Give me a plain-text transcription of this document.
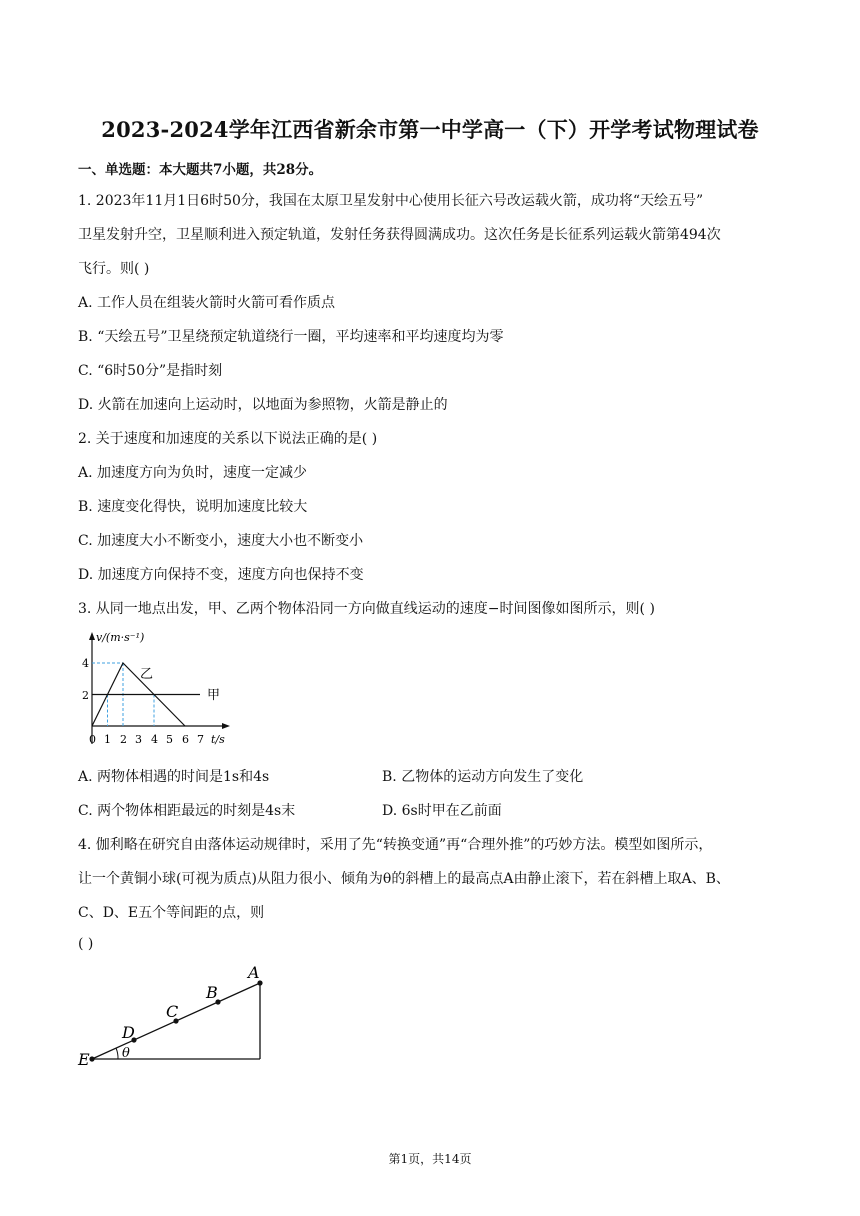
2023-2024学年江西省新余市第一中学高一（下）开学考试物理试卷
一、单选题：本大题共7小题，共28分。
1. 2023年11月1日6时50分，我国在太原卫星发射中心使用长征六号改运载火箭，成功将“天绘五号”
卫星发射升空，卫星顺利进入预定轨道，发射任务获得圆满成功。这次任务是长征系列运载火箭第494次
飞行。则( )
A. 工作人员在组装火箭时火箭可看作质点
B. “天绘五号”卫星绕预定轨道绕行一圈，平均速率和平均速度均为零
C. “6时50分”是指时刻
D. 火箭在加速向上运动时，以地面为参照物，火箭是静止的
2. 关于速度和加速度的关系以下说法正确的是( )
A. 加速度方向为负时，速度一定减少
B. 速度变化得快，说明加速度比较大
C. 加速度大小不断变小，速度大小也不断变小
D. 加速度方向保持不变，速度方向也保持不变
3. 从同一地点出发，甲、乙两个物体沿同一方向做直线运动的速度−时间图像如图所示，则( )
v/(m·s⁻¹)
4
2
乙
甲
0 1 2 3 4 5 6 7 t/s
A. 两物体相遇的时间是1s和4s	B. 乙物体的运动方向发生了变化
C. 两个物体相距最远的时刻是4s末	D. 6s时甲在乙前面
4. 伽利略在研究自由落体运动规律时，采用了先“转换变通”再“合理外推”的巧妙方法。模型如图所示，
让一个黄铜小球(可视为质点)从阻力很小、倾角为θ的斜槽上的最高点A由静止滚下，若在斜槽上取A、B、
C、D、E五个等间距的点，则
( )
A
B
C
D
E θ
第1页，共14页
